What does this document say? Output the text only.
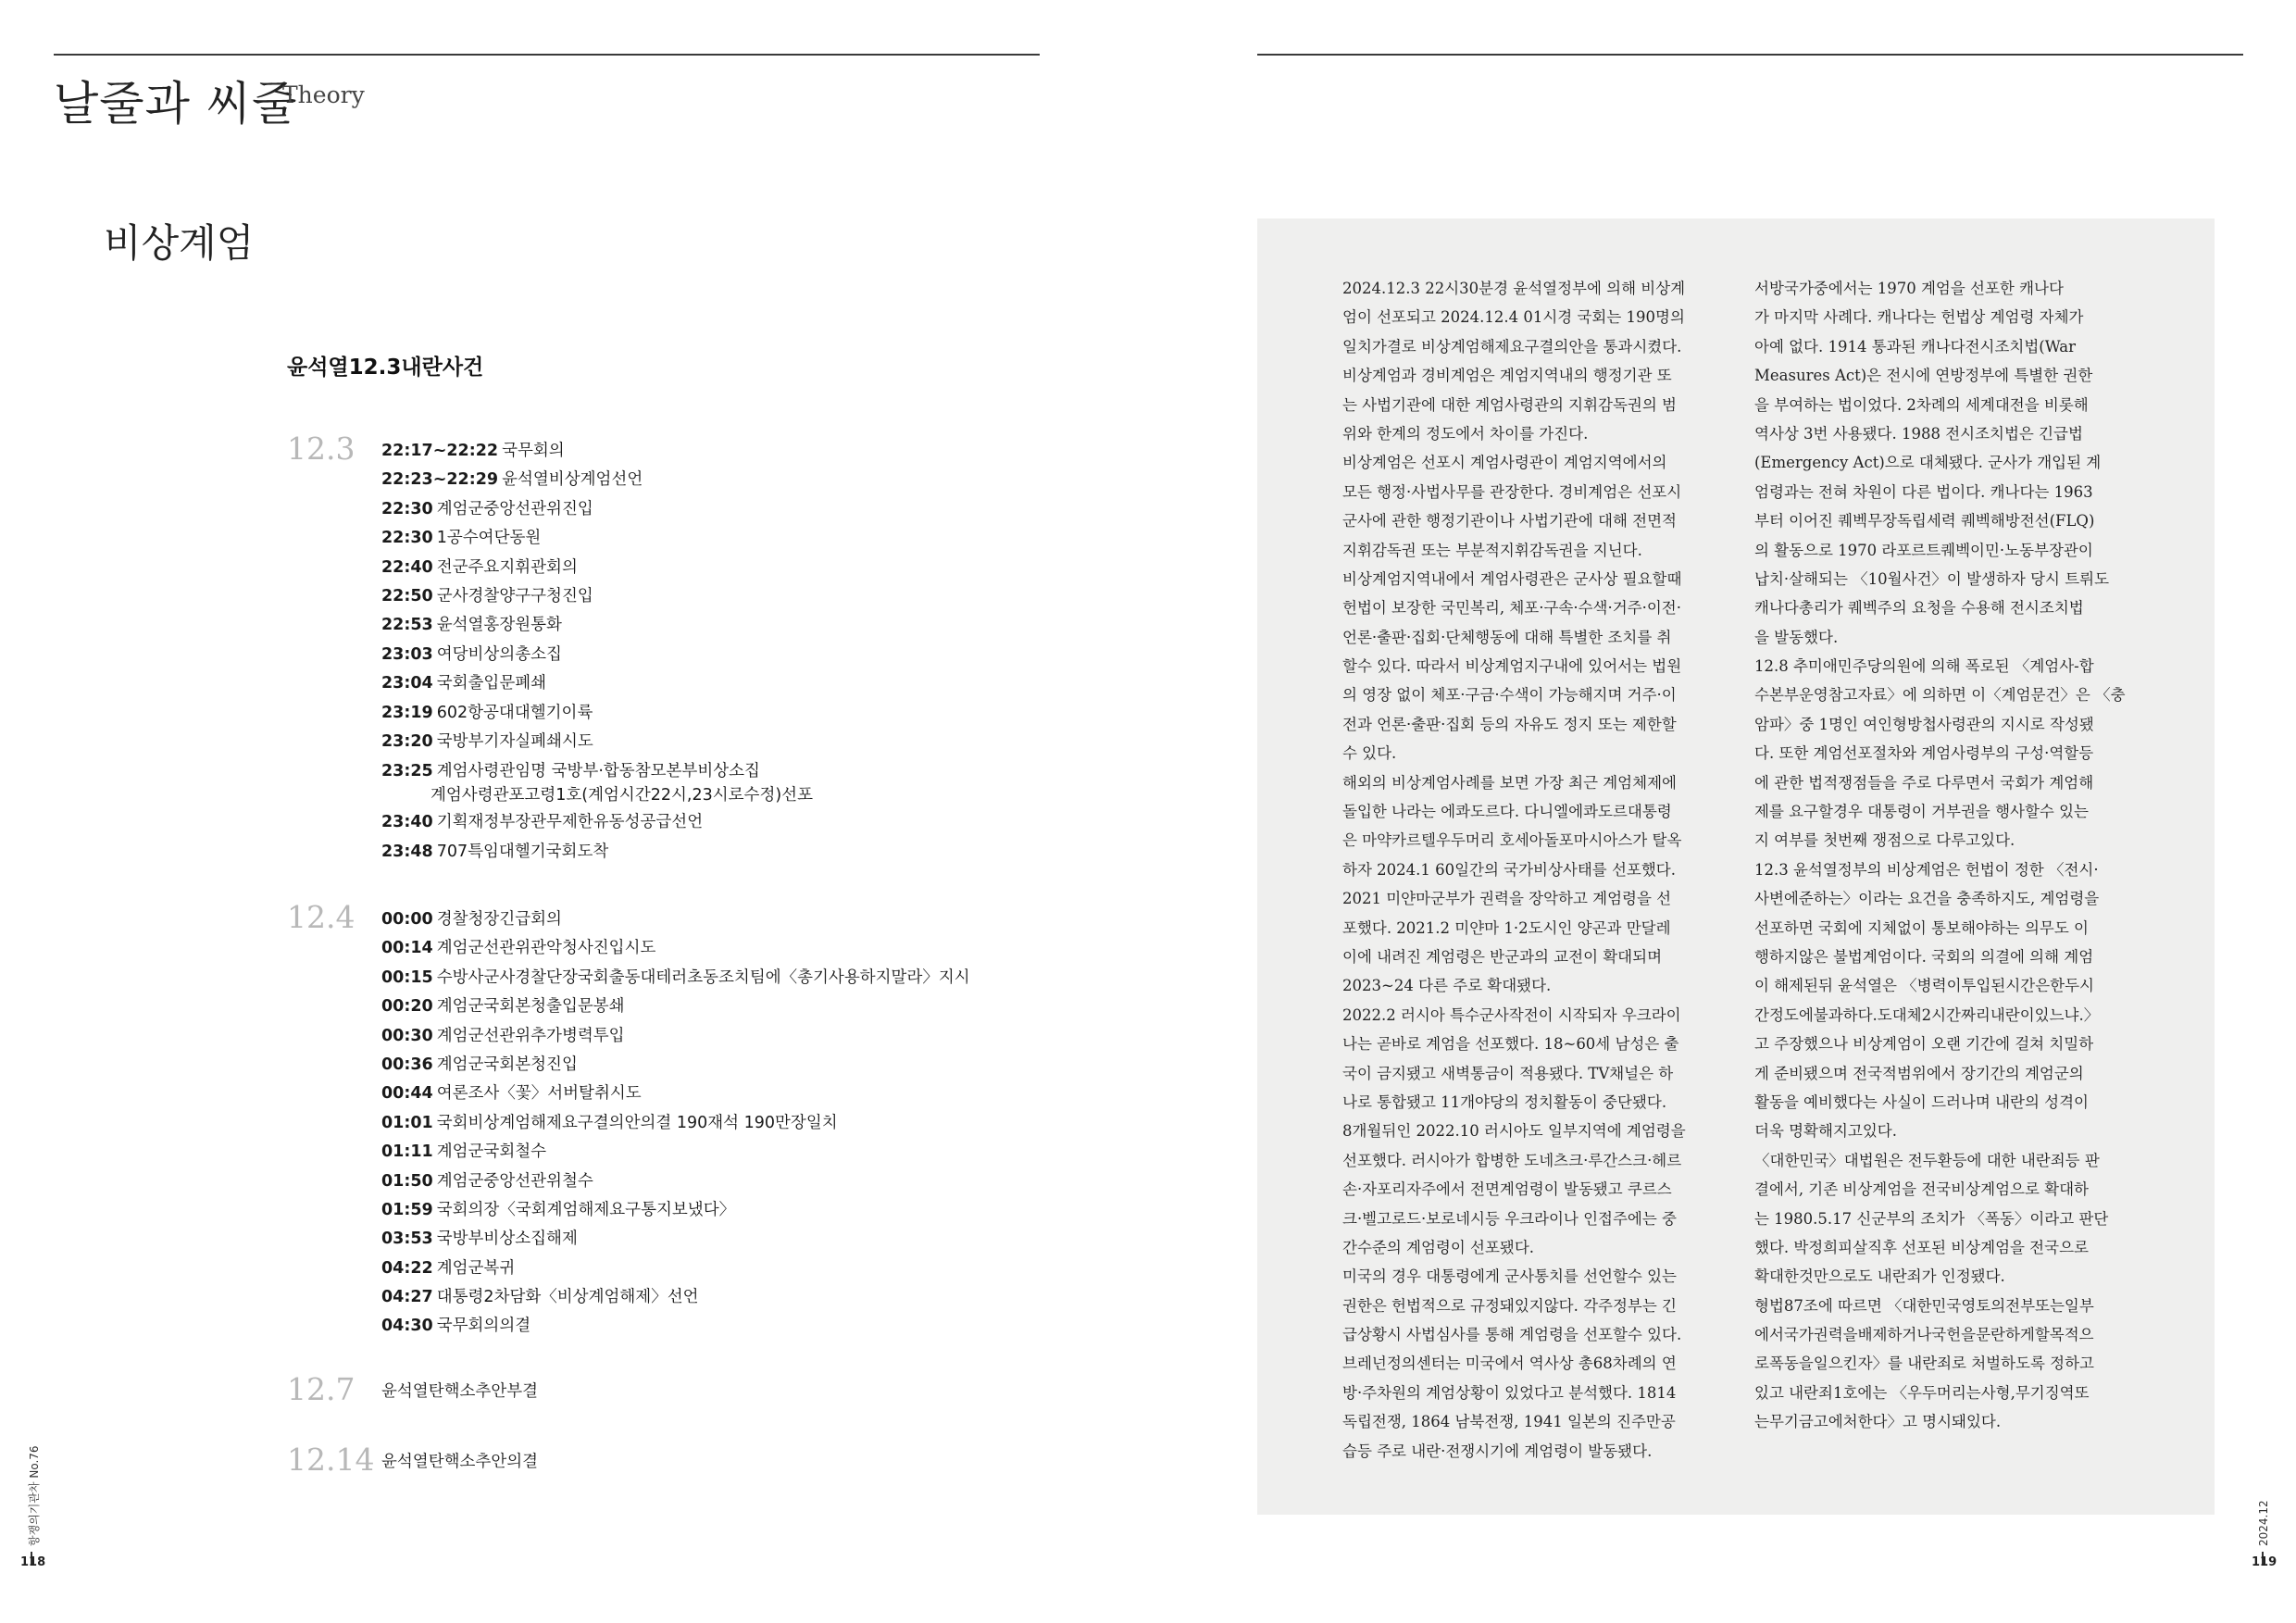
날줄과 씨줄
Theory
비상계엄
윤석열12.3내란사건
12.3 22:17~22:22 국무회의
22:23~22:29 윤석열비상계엄선언
22:30 계엄군중앙선관위진입
22:30 1공수여단동원
22:40 전군주요지휘관회의
22:50 군사경찰양구구청진입
22:53 윤석열홍장원통화
23:03 여당비상의총소집
23:04 국회출입문폐쇄
23:19 602항공대대헬기이륙
23:20 국방부기자실폐쇄시도
23:25 계엄사령관임명 국방부·합동참모본부비상소집
계엄사령관포고령1호(계엄시간22시,23시로수정)선포
23:40 기획재정부장관무제한유동성공급선언
23:48 707특임대헬기국회도착
12.4 00:00 경찰청장긴급회의
00:14 계엄군선관위관악청사진입시도
00:15 수방사군사경찰단장국회출동대테러초동조치팀에〈총기사용하지말라〉지시
00:20 계엄군국회본청출입문봉쇄
00:30 계엄군선관위추가병력투입
00:36 계엄군국회본청진입
00:44 여론조사〈꽃〉서버탈취시도
01:01 국회비상계엄해제요구결의안의결 190재석 190만장일치
01:11 계엄군국회철수
01:50 계엄군중앙선관위철수
01:59 국회의장〈국회계엄해제요구통지보냈다〉
03:53 국방부비상소집해제
04:22 계엄군복귀
04:27 대통령2차담화〈비상계엄해제〉선언
04:30 국무회의의결
12.7 윤석열탄핵소추안부결
12.14 윤석열탄핵소추안의결
2024.12.3 22시30분경 윤석열정부에 의해 비상계
엄이 선포되고 2024.12.4 01시경 국회는 190명의
일치가결로 비상계엄해제요구결의안을 통과시켰다.
비상계엄과 경비계엄은 계엄지역내의 행정기관 또
는 사법기관에 대한 계엄사령관의 지휘감독권의 범
위와 한계의 정도에서 차이를 가진다.
비상계엄은 선포시 계엄사령관이 계엄지역에서의
모든 행정·사법사무를 관장한다. 경비계엄은 선포시
군사에 관한 행정기관이나 사법기관에 대해 전면적
지휘감독권 또는 부분적지휘감독권을 지닌다.
비상계엄지역내에서 계엄사령관은 군사상 필요할때
헌법이 보장한 국민복리, 체포·구속·수색·거주·이전·
언론·출판·집회·단체행동에 대해 특별한 조치를 취
할수 있다. 따라서 비상계엄지구내에 있어서는 법원
의 영장 없이 체포·구금·수색이 가능해지며 거주·이
전과 언론·출판·집회 등의 자유도 정지 또는 제한할
수 있다.
해외의 비상계엄사례를 보면 가장 최근 계엄체제에
돌입한 나라는 에콰도르다. 다니엘에콰도르대통령
은 마약카르텔우두머리 호세아돌포마시아스가 탈옥
하자 2024.1 60일간의 국가비상사태를 선포했다.
2021 미얀마군부가 권력을 장악하고 계엄령을 선
포했다. 2021.2 미얀마 1·2도시인 양곤과 만달레
이에 내려진 계엄령은 반군과의 교전이 확대되며
2023~24 다른 주로 확대됐다.
2022.2 러시아 특수군사작전이 시작되자 우크라이
나는 곧바로 계엄을 선포했다. 18~60세 남성은 출
국이 금지됐고 새벽통금이 적용됐다. TV채널은 하
나로 통합됐고 11개야당의 정치활동이 중단됐다.
8개월뒤인 2022.10 러시아도 일부지역에 계엄령을
선포했다. 러시아가 합병한 도네츠크·루간스크·헤르
손·자포리자주에서 전면계엄령이 발동됐고 쿠르스
크·벨고로드·보로네시등 우크라이나 인접주에는 중
간수준의 계엄령이 선포됐다.
미국의 경우 대통령에게 군사통치를 선언할수 있는
권한은 헌법적으로 규정돼있지않다. 각주정부는 긴
급상황시 사법심사를 통해 계엄령을 선포할수 있다.
브레넌정의센터는 미국에서 역사상 총68차례의 연
방·주차원의 계엄상황이 있었다고 분석했다. 1814
독립전쟁, 1864 남북전쟁, 1941 일본의 진주만공
습등 주로 내란·전쟁시기에 계엄령이 발동됐다.
서방국가중에서는 1970 계엄을 선포한 캐나다
가 마지막 사례다. 캐나다는 헌법상 계엄령 자체가
아예 없다. 1914 통과된 캐나다전시조치법(War
Measures Act)은 전시에 연방정부에 특별한 권한
을 부여하는 법이었다. 2차례의 세계대전을 비롯해
역사상 3번 사용됐다. 1988 전시조치법은 긴급법
(Emergency Act)으로 대체됐다. 군사가 개입된 계
엄령과는 전혀 차원이 다른 법이다. 캐나다는 1963
부터 이어진 퀘벡무장독립세력 퀘벡해방전선(FLQ)
의 활동으로 1970 라포르트퀘벡이민·노동부장관이
납치·살해되는 〈10월사건〉이 발생하자 당시 트뤼도
캐나다총리가 퀘벡주의 요청을 수용해 전시조치법
을 발동했다.
12.8 추미애민주당의원에 의해 폭로된 〈계엄사-합
수본부운영참고자료〉에 의하면 이〈계엄문건〉은 〈충
암파〉중 1명인 여인형방첩사령관의 지시로 작성됐
다. 또한 계엄선포절차와 계엄사령부의 구성·역할등
에 관한 법적쟁점들을 주로 다루면서 국회가 계엄해
제를 요구할경우 대통령이 거부권을 행사할수 있는
지 여부를 첫번째 쟁점으로 다루고있다.
12.3 윤석열정부의 비상계엄은 헌법이 정한 〈전시·
사변에준하는〉이라는 요건을 충족하지도, 계엄령을
선포하면 국회에 지체없이 통보해야하는 의무도 이
행하지않은 불법계엄이다. 국회의 의결에 의해 계엄
이 해제된뒤 윤석열은 〈병력이투입된시간은한두시
간정도에불과하다.도대체2시간짜리내란이있느냐.〉
고 주장했으나 비상계엄이 오랜 기간에 걸쳐 치밀하
게 준비됐으며 전국적범위에서 장기간의 계엄군의
활동을 예비했다는 사실이 드러나며 내란의 성격이
더욱 명확해지고있다.
〈대한민국〉대법원은 전두환등에 대한 내란죄등 판
결에서, 기존 비상계엄을 전국비상계엄으로 확대하
는 1980.5.17 신군부의 조치가 〈폭동〉이라고 판단
했다. 박정희피살직후 선포된 비상계엄을 전국으로
확대한것만으로도 내란죄가 인정됐다.
형법87조에 따르면 〈대한민국영토의전부또는일부
에서국가권력을배제하거나국헌을문란하게할목적으
로폭동을일으킨자〉를 내란죄로 처벌하도록 정하고
있고 내란죄1호에는 〈우두머리는사형,무기징역또
는무기금고에처한다〉고 명시돼있다.
항쟁의기관차 No.76
118
2024.12
119
